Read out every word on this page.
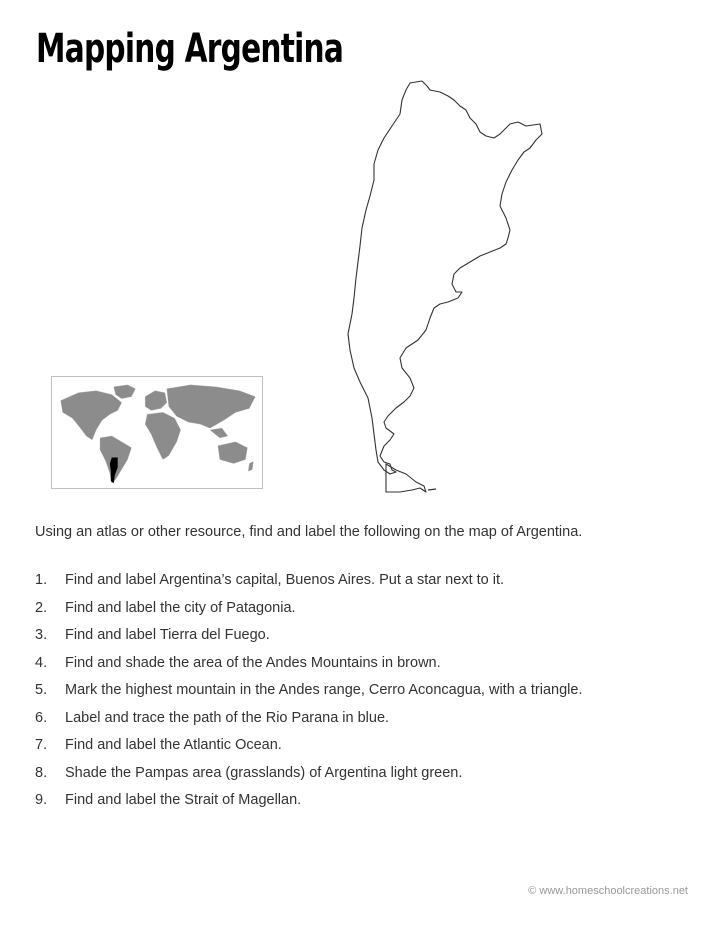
Mapping Argentina

Using an atlas or other resource, find and label the following on the map of Argentina.

1.	Find and label Argentina’s capital, Buenos Aires. Put a star next to it.
2.	Find and label the city of Patagonia.
3.	Find and label Tierra del Fuego.
4.	Find and shade the area of the Andes Mountains in brown.
5.	Mark the highest mountain in the Andes range, Cerro Aconcagua, with a triangle.
6.	Label and trace the path of the Rio Parana in blue.
7.	Find and label the Atlantic Ocean.
8.	Shade the Pampas area (grasslands) of Argentina light green.
9.	Find and label the Strait of Magellan.
© www.homeschoolcreations.net
